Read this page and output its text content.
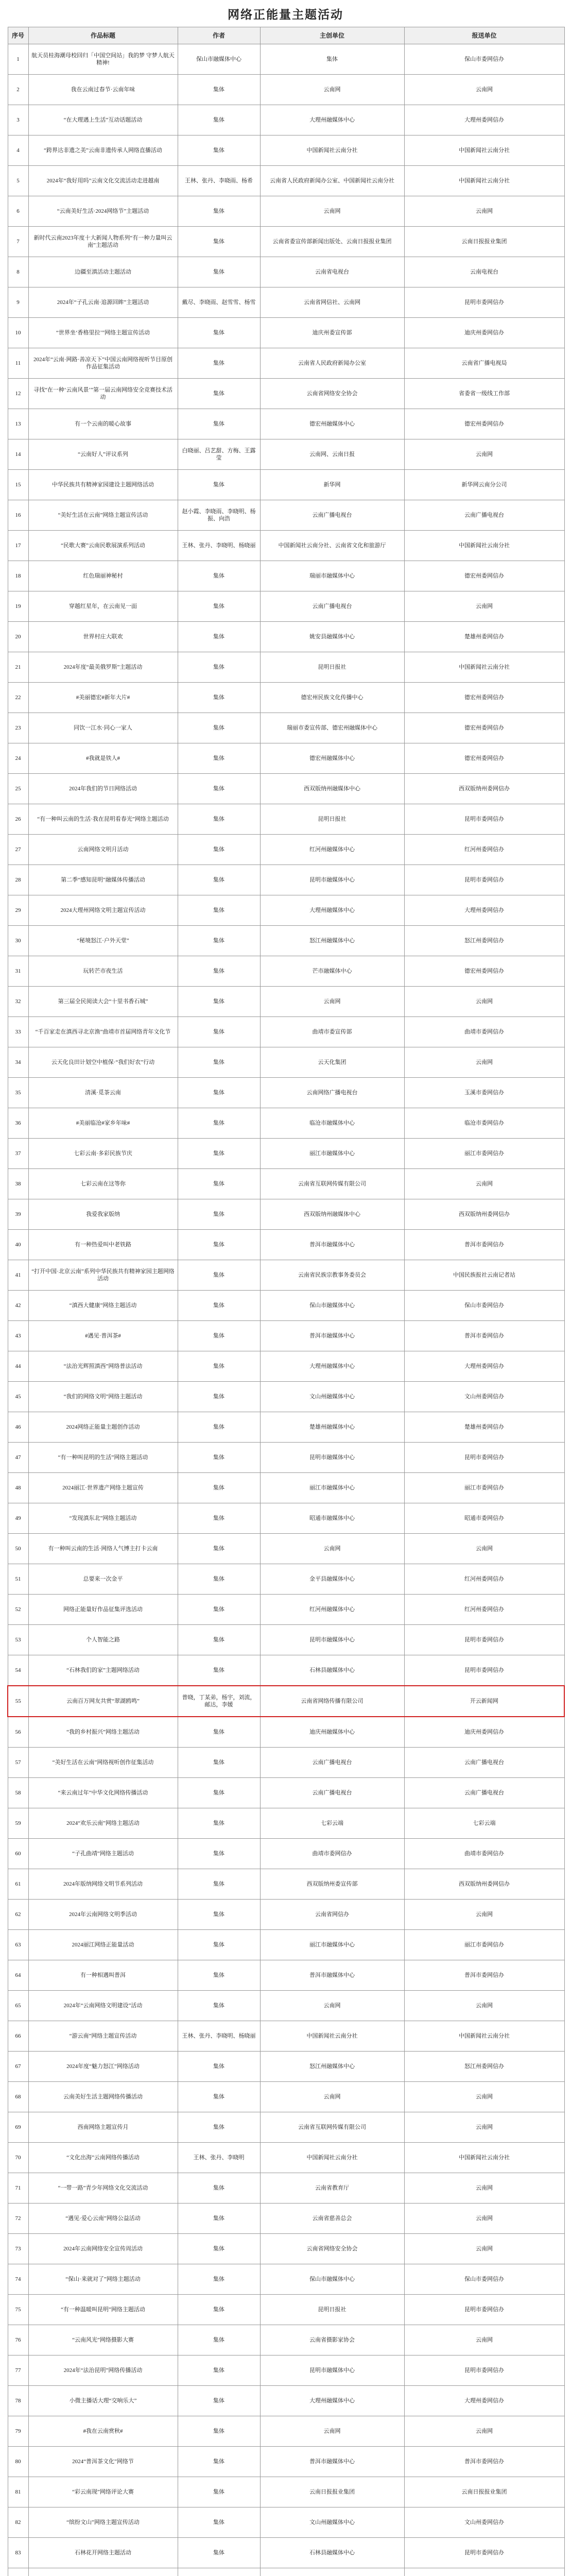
网络正能量主题活动
序号	作品标题	作者	主创单位	报送单位
1	航天员桂海潮母校回归「中国空间站」我的梦 守梦人航天精神!	保山市融媒体中心	集体	保山市委网信办
2	我在云南过春节·云南年味	集体	云南网	云南网
3	“在大理遇上生活”互动话题活动	集体	大理州融媒体中心	大理州委网信办
4	“跨界达非遗之美”云南非遗传承人网络直播活动	集体	中国新闻社云南分社	中国新闻社云南分社
5	2024年“我好用吗”云南文化交流活动走进越南	王林、张丹、李晓雨、杨希	云南省人民政府新闻办公室、中国新闻社云南分社	中国新闻社云南分社
6	“云南美好生活·2024网络节”主题活动	集体	云南网	云南网
7	新时代云南2023年度十大新闻人物系列“有一种力量叫云南”主题活动	集体	云南省委宣传部新闻出版处、云南日报报业集团	云南日报报业集团
8	边疆至滇活动主题活动	集体	云南省电视台	云南电视台
9	2024年“子孔云南·追源回眸”主题活动	戴尽、李晓雨、赵雪雪、杨雪	云南省网信社、云南网	昆明市委网信办
10	“世界坐‘香格里拉’”网络主题宣传活动	集体	迪庆州委宣传部	迪庆州委网信办
11	2024年“云南·网路·善凉天下”中国云南网络视听节目原创作品征集活动	集体	云南省人民政府新闻办公室	云南省广播电视局
12	寻找“在一种‘云南风景’”第一届云南网络安全竞赛技术活动	集体	云南省网络安全协会	省委省一级线工作部
13	有一个云南的暖心故事	集体	德宏州融媒体中心	德宏州委网信办
14	“云南好人”评议系列	白晓丽、吕艺甜、方梅、王露莹	云南网、云南日报	云南网
15	中华民族共有精神家园建设主题网络活动	集体	新华网	新华网云南分公司
16	“美好生活在云南”网络主题宣传活动	赵小霞、李晓雨、李晓明、杨振、向浩	云南广播电视台	云南广播电视台
17	“民歌大赛”云南民歌展演系列活动	王林、张丹、李晓明、杨晓丽	中国新闻社云南分社、云南省文化和旅游厅	中国新闻社云南分社
18	红色瑞丽神秘村	集体	瑞丽市融媒体中心	德宏州委网信办
19	穿越红星年，在云南见一面	集体	云南广播电视台	云南网
20	世界村庄大联欢	集体	姚安县融媒体中心	楚雄州委网信办
21	2024年度“最美俄罗斯”主题活动	集体	昆明日报社	中国新闻社云南分社
22	#美丽德宏#新年大片#	集体	德宏州民族文化传播中心	德宏州委网信办
23	同饮一江水·同心一家人	集体	瑞丽市委宣传部、德宏州融媒体中心	德宏州委网信办
24	#我就是铁人#	集体	德宏州融媒体中心	德宏州委网信办
25	2024年我们的节日网络活动	集体	西双版纳州融媒体中心	西双版纳州委网信办
26	“有一种叫云南的生活·我在昆明看春光”网络主题活动	集体	昆明日报社	昆明市委网信办
27	云南网络文明月活动	集体	红河州融媒体中心	红河州委网信办
28	第二季“感知昆明”融媒体传播活动	集体	昆明市融媒体中心	昆明市委网信办
29	2024大理州网络文明主题宣传活动	集体	大理州融媒体中心	大理州委网信办
30	“秘境怒江·户外天堂”	集体	怒江州融媒体中心	怒江州委网信办
31	玩转芒市夜生活	集体	芒市融媒体中心	德宏州委网信办
32	第三届全民阅读大会“十里书香石城”	集体	云南网	云南网
33	“千百家走在滇西寻北京渔”曲靖市首届网络青年文化节	集体	曲靖市委宣传部	曲靖市委网信办
34	云天化良田计划空中植保·“我们好农”行动	集体	云天化集团	云南网
35	清溪·觅茶云南	集体	云南网络广播电视台	玉溪市委网信办
36	#美丽临沧#家乡年味#	集体	临沧市融媒体中心	临沧市委网信办
37	七彩云南·多彩民族节庆	集体	丽江市融媒体中心	丽江市委网信办
38	七彩云南在这等你	集体	云南省互联网传媒有限公司	云南网
39	我爱我家版纳	集体	西双版纳州融媒体中心	西双版纳州委网信办
40	有一种热爱叫中老铁路	集体	普洱市融媒体中心	普洱市委网信办
41	“打开中国·北京云南”系列中华民族共有精神家园主题网络活动	集体	云南省民族宗教事务委员会	中国民族报社云南记者站
42	“滇西大健康”网络主题活动	集体	保山市融媒体中心	保山市委网信办
43	#遇见·普洱茶#	集体	普洱市融媒体中心	普洱市委网信办
44	“法治光辉照滇西”网络普法活动	集体	大理州融媒体中心	大理州委网信办
45	“我们的网络文明”网络主题活动	集体	文山州融媒体中心	文山州委网信办
46	2024网络正能量主题创作活动	集体	楚雄州融媒体中心	楚雄州委网信办
47	“有一种叫昆明的生活”网络主题活动	集体	昆明市融媒体中心	昆明市委网信办
48	2024丽江·世界遗产网络主题宣传	集体	丽江市融媒体中心	丽江市委网信办
49	“发现滇东北”网络主题活动	集体	昭通市融媒体中心	昭通市委网信办
50	有一种叫云南的生活·网络人气博主打卡云南	集体	云南网	云南网
51	总要来一次金平	集体	金平县融媒体中心	红河州委网信办
52	网络正能量好作品征集评选活动	集体	红河州融媒体中心	红河州委网信办
53	个人智能之路	集体	昆明市融媒体中心	昆明市委网信办
54	“石林我们的家”主题网络活动	集体	石林县融媒体中心	昆明市委网信办
55	云南百万网友共赏“翠湖鸥鸣”	普晓，丁某弟，杨宇，刘流，邮达，李媛	云南省网络传播有限公司	开云新闻网
56	“我的乡村振兴”网络主题活动	集体	迪庆州融媒体中心	迪庆州委网信办
57	“美好生活在云南”网络视听创作征集活动	集体	云南广播电视台	云南广播电视台
58	“来云南过年”中华文化网络传播活动	集体	云南广播电视台	云南广播电视台
59	2024“欢乐云南”网络主题活动	集体	七彩云端	七彩云端
60	“子孔曲靖”网络主题活动	集体	曲靖市委网信办	曲靖市委网信办
61	2024年版纳网络文明节系列活动	集体	西双版纳州委宣传部	西双版纳州委网信办
62	2024年云南网络文明季活动	集体	云南省网信办	云南网
63	2024丽江网络正能量活动	集体	丽江市融媒体中心	丽江市委网信办
64	有一种相遇叫普洱	集体	普洱市融媒体中心	普洱市委网信办
65	2024年“云南网络文明建设”活动	集体	云南网	云南网
66	“游云南”网络主题宣传活动	王林、张丹、李晓明、杨晓丽	中国新闻社云南分社	中国新闻社云南分社
67	2024年度“魅力怒江”网络活动	集体	怒江州融媒体中心	怒江州委网信办
68	云南美好生活主题网络传播活动	集体	云南网	云南网
69	西南网络主题宣传月	集体	云南省互联网传媒有限公司	云南网
70	“文化出海”云南网络传播活动	王林、张丹、李晓明	中国新闻社云南分社	中国新闻社云南分社
71	“一带一路”青少年网络文化交流活动	集体	云南省教育厅	云南网
72	“遇见·爱心云南”网络公益活动	集体	云南省慈善总会	云南网
73	2024年云南网络安全宣传周活动	集体	云南省网络安全协会	云南网
74	“保山·来就对了”网络主题活动	集体	保山市融媒体中心	保山市委网信办
75	“有一种温暖叫昆明”网络主题活动	集体	昆明日报社	昆明市委网信办
76	“云南风光”网络摄影大赛	集体	云南省摄影家协会	云南网
77	2024年“法治昆明”网络传播活动	集体	昆明市融媒体中心	昆明市委网信办
78	小微主播话大理“交响乐大”	集体	大理州融媒体中心	大理州委网信办
79	#我在云南赏秋#	集体	云南网	云南网
80	2024“普洱茶文化”网络节	集体	普洱市融媒体中心	普洱市委网信办
81	“彩云南现”网络评论大赛	集体	云南日报报业集团	云南日报报业集团
82	“缤纷文山”网络主题宣传活动	集体	文山州融媒体中心	文山州委网信办
83	石林花开网络主题活动	集体	石林县融媒体中心	昆明市委网信办
